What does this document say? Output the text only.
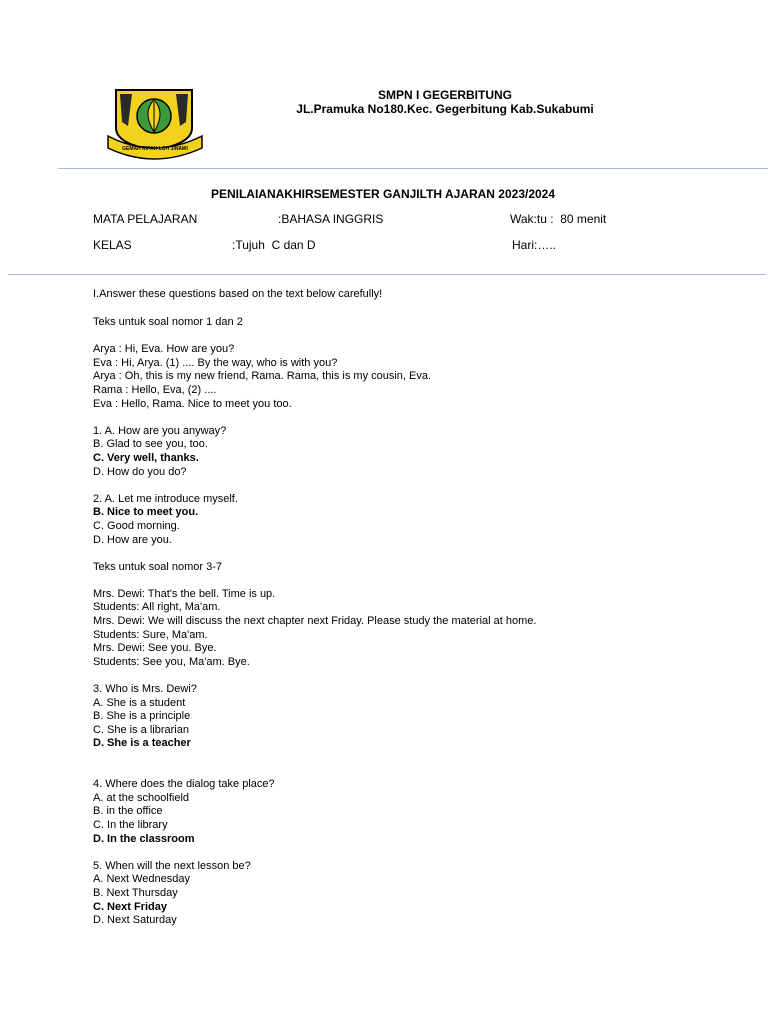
GEMAH RIPAH LOH JINAWI
SMPN I GEGERBITUNG
JL.Pramuka No180.Kec. Gegerbitung Kab.Sukabumi
PENILAIANAKHIRSEMESTER GANJILTH AJARAN 2023/2024
MATA PELAJARAN	:BAHASA INGGRIS	Wak:tu :  80 menit
KELAS	:Tujuh  C dan D	Hari:…..
I.Answer these questions based on the text below carefully!
Teks untuk soal nomor 1 dan 2
Arya : Hi, Eva. How are you?
Eva : Hi, Arya. (1) .... By the way, who is with you?
Arya : Oh, this is my new friend, Rama. Rama, this is my cousin, Eva.
Rama : Hello, Eva, (2) ....
Eva : Hello, Rama. Nice to meet you too.
1. A. How are you anyway?
B. Glad to see you, too.
C. Very well, thanks.
D. How do you do?
2. A. Let me introduce myself.
B. Nice to meet you.
C. Good morning.
D. How are you.
Teks untuk soal nomor 3-7
Mrs. Dewi: That's the bell. Time is up.
Students: All right, Ma'am.
Mrs. Dewi: We will discuss the next chapter next Friday. Please study the material at home.
Students: Sure, Ma'am.
Mrs. Dewi: See you. Bye.
Students: See you, Ma'am. Bye.
3. Who is Mrs. Dewi?
A. She is a student
B. She is a principle
C. She is a librarian
D. She is a teacher
4. Where does the dialog take place?
A. at the schoolfield
B. in the office
C. In the library
D. In the classroom
5. When will the next lesson be?
A. Next Wednesday
B. Next Thursday
C. Next Friday
D. Next Saturday
